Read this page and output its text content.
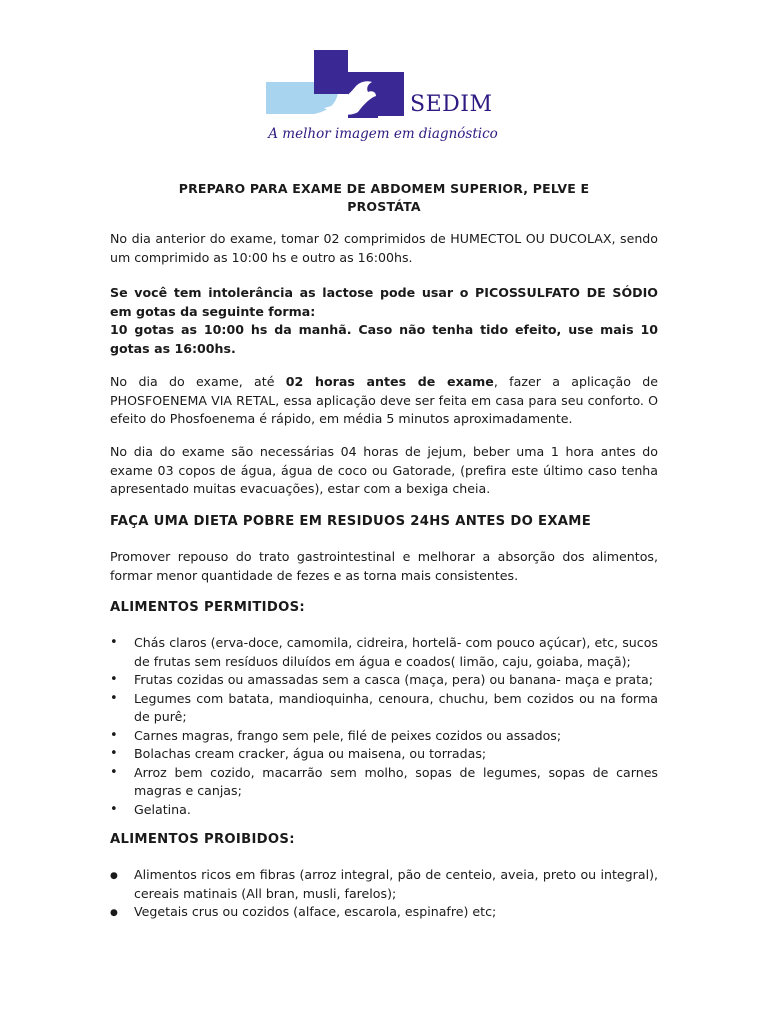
SEDIM
A melhor imagem em diagnóstico
PREPARO PARA EXAME DE ABDOMEM SUPERIOR, PELVE E PROSTÁTA
No dia anterior do exame, tomar 02 comprimidos de HUMECTOL OU DUCOLAX, sendo um comprimido as 10:00 hs e outro as 16:00hs.
Se você tem intolerância as lactose pode usar o PICOSSULFATO DE SÓDIO em gotas da seguinte forma:
10 gotas as 10:00 hs da manhã. Caso não tenha tido efeito, use mais 10 gotas as 16:00hs.
No dia do exame, até 02 horas antes de exame, fazer a aplicação de PHOSFOENEMA VIA RETAL, essa aplicação deve ser feita em casa para seu conforto. O efeito do Phosfoenema é rápido, em média 5 minutos aproximadamente.
No dia do exame são necessárias 04 horas de jejum, beber uma 1 hora antes do exame 03 copos de água, água de coco ou Gatorade, (prefira este último caso tenha apresentado muitas evacuações), estar com a bexiga cheia.
FAÇA UMA DIETA POBRE EM RESIDUOS 24HS ANTES DO EXAME
Promover repouso do trato gastrointestinal e melhorar a absorção dos alimentos, formar menor quantidade de fezes e as torna mais consistentes.
ALIMENTOS PERMITIDOS:
• Chás claros (erva-doce, camomila, cidreira, hortelã- com pouco açúcar), etc, sucos de frutas sem resíduos diluídos em água e coados( limão, caju, goiaba, maçã);
• Frutas cozidas ou amassadas sem a casca (maça, pera) ou banana- maça e prata;
• Legumes com batata, mandioquinha, cenoura, chuchu, bem cozidos ou na forma de purê;
• Carnes magras, frango sem pele, filé de peixes cozidos ou assados;
• Bolachas cream cracker, água ou maisena, ou torradas;
• Arroz bem cozido, macarrão sem molho, sopas de legumes, sopas de carnes magras e canjas;
• Gelatina.
ALIMENTOS PROIBIDOS:
● Alimentos ricos em fibras (arroz integral, pão de centeio, aveia, preto ou integral), cereais matinais (All bran, musli, farelos);
● Vegetais crus ou cozidos (alface, escarola, espinafre) etc;
